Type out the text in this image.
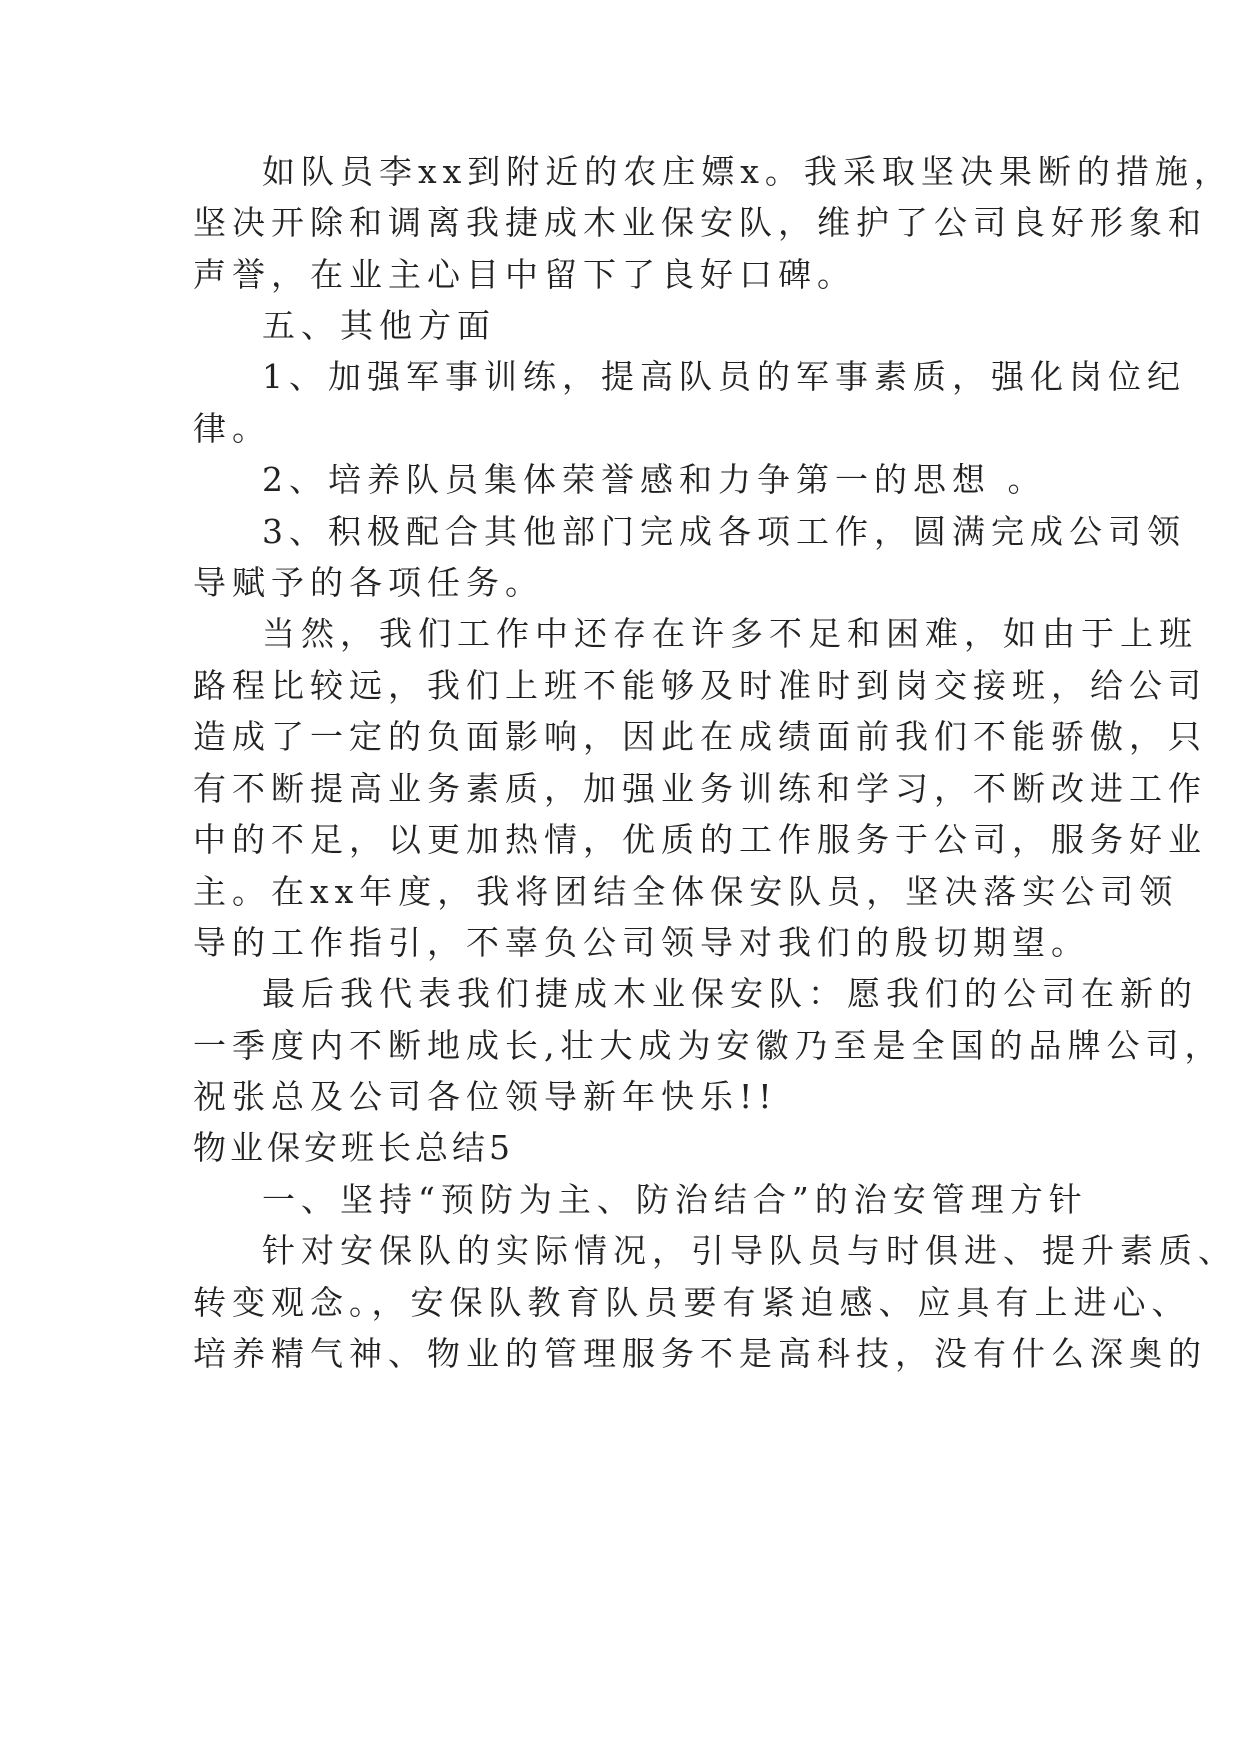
如队员李xx到附近的农庄嫖x。我采取坚决果断的措施，
坚决开除和调离我捷成木业保安队，维护了公司良好形象和
声誉，在业主心目中留下了良好口碑。
五、其他方面
1、加强军事训练，提高队员的军事素质，强化岗位纪
律。
2、培养队员集体荣誉感和力争第一的思想 。
3、积极配合其他部门完成各项工作，圆满完成公司领
导赋予的各项任务。
当然，我们工作中还存在许多不足和困难，如由于上班
路程比较远，我们上班不能够及时准时到岗交接班，给公司
造成了一定的负面影响，因此在成绩面前我们不能骄傲，只
有不断提高业务素质，加强业务训练和学习，不断改进工作
中的不足，以更加热情，优质的工作服务于公司，服务好业
主。在xx年度，我将团结全体保安队员，坚决落实公司领
导的工作指引，不辜负公司领导对我们的殷切期望。
最后我代表我们捷成木业保安队：愿我们的公司在新的
一季度内不断地成长,壮大成为安徽乃至是全国的品牌公司，
祝张总及公司各位领导新年快乐!!
物业保安班长总结5
一、坚持“预防为主、防治结合”的治安管理方针
针对安保队的实际情况，引导队员与时俱进、提升素质、
转变观念。，安保队教育队员要有紧迫感、应具有上进心、
培养精气神、物业的管理服务不是高科技，没有什么深奥的
